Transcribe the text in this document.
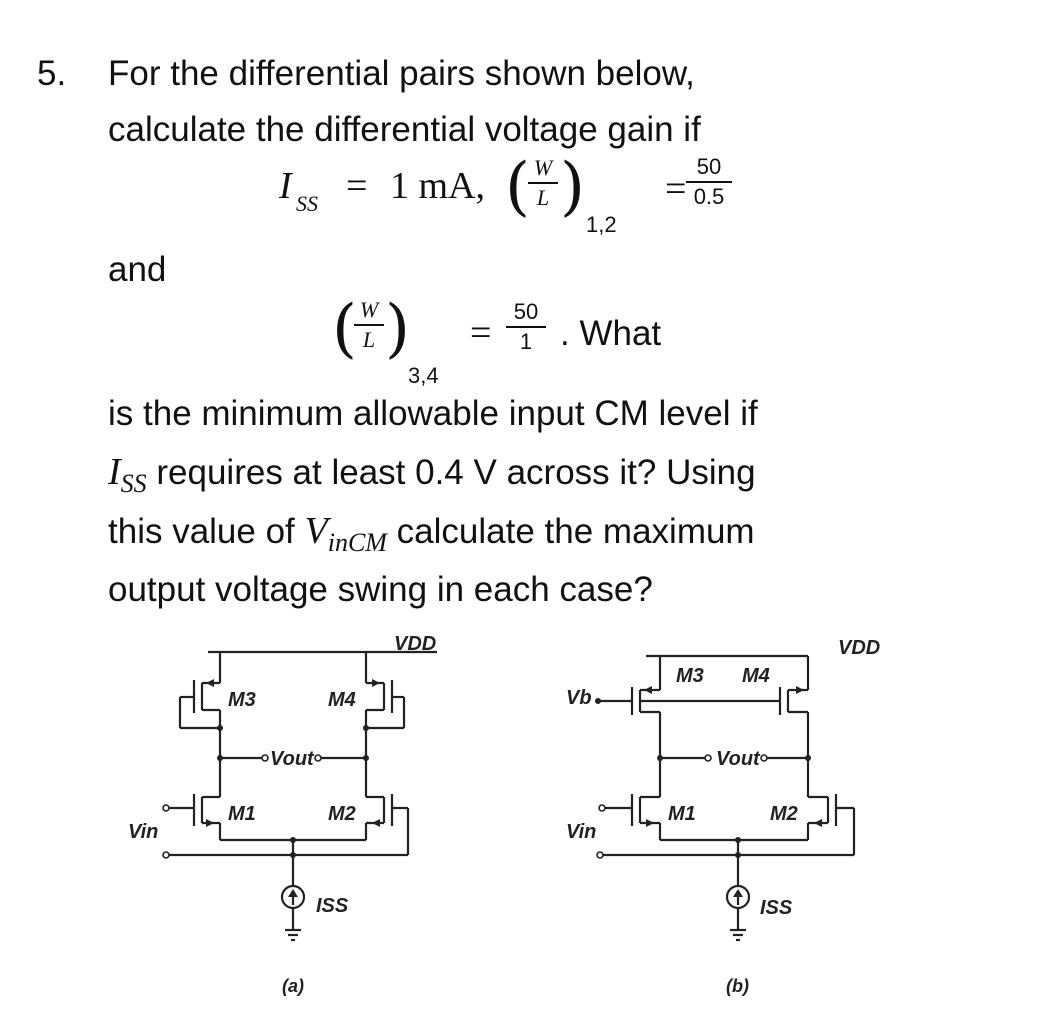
5. For the differential pairs shown below,
calculate the differential voltage gain if
I SS = 1 mA, ( W
L )
1,2
=
50
0.5
and
( W
L )
3,4
=
50
1 . What
is the minimum allowable input CM level if
$I_{SS}$ requires at least 0.4 V across it? Using
this value of $V_{inCM}$ calculate the maximum
output voltage swing in each case?
VDD
M3	M4
Vout
M1	M2
Vin
ISS
(a)
VDD
M3 M4
Vb
Vout
M1	M2
Vin
ISS
(b)
